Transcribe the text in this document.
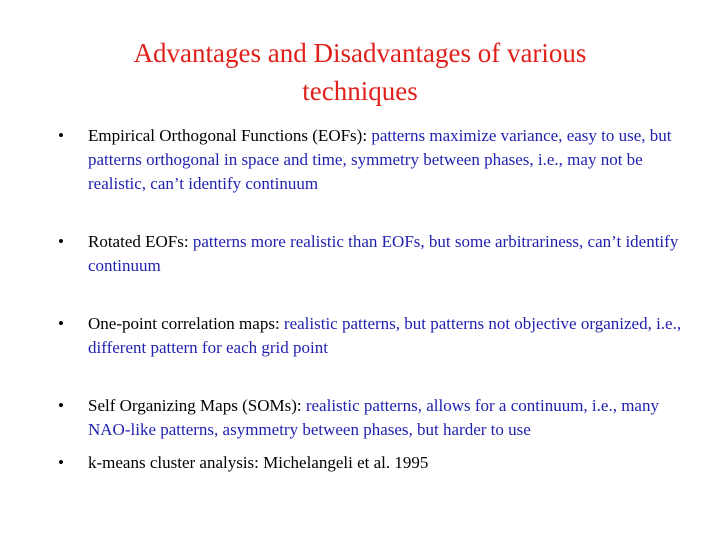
Advantages and Disadvantages of various
techniques
• Empirical Orthogonal Functions (EOFs): patterns maximize variance, easy to use, but patterns orthogonal in space and time, symmetry between phases, i.e., may not be realistic, can’t identify continuum
• Rotated EOFs: patterns more realistic than EOFs, but some arbitrariness, can’t identify continuum
• One-point correlation maps: realistic patterns, but patterns not objective organized, i.e., different pattern for each grid point
• Self Organizing Maps (SOMs): realistic patterns, allows for a continuum, i.e., many NAO-like patterns, asymmetry between phases, but harder to use
• k-means cluster analysis: Michelangeli et al. 1995
